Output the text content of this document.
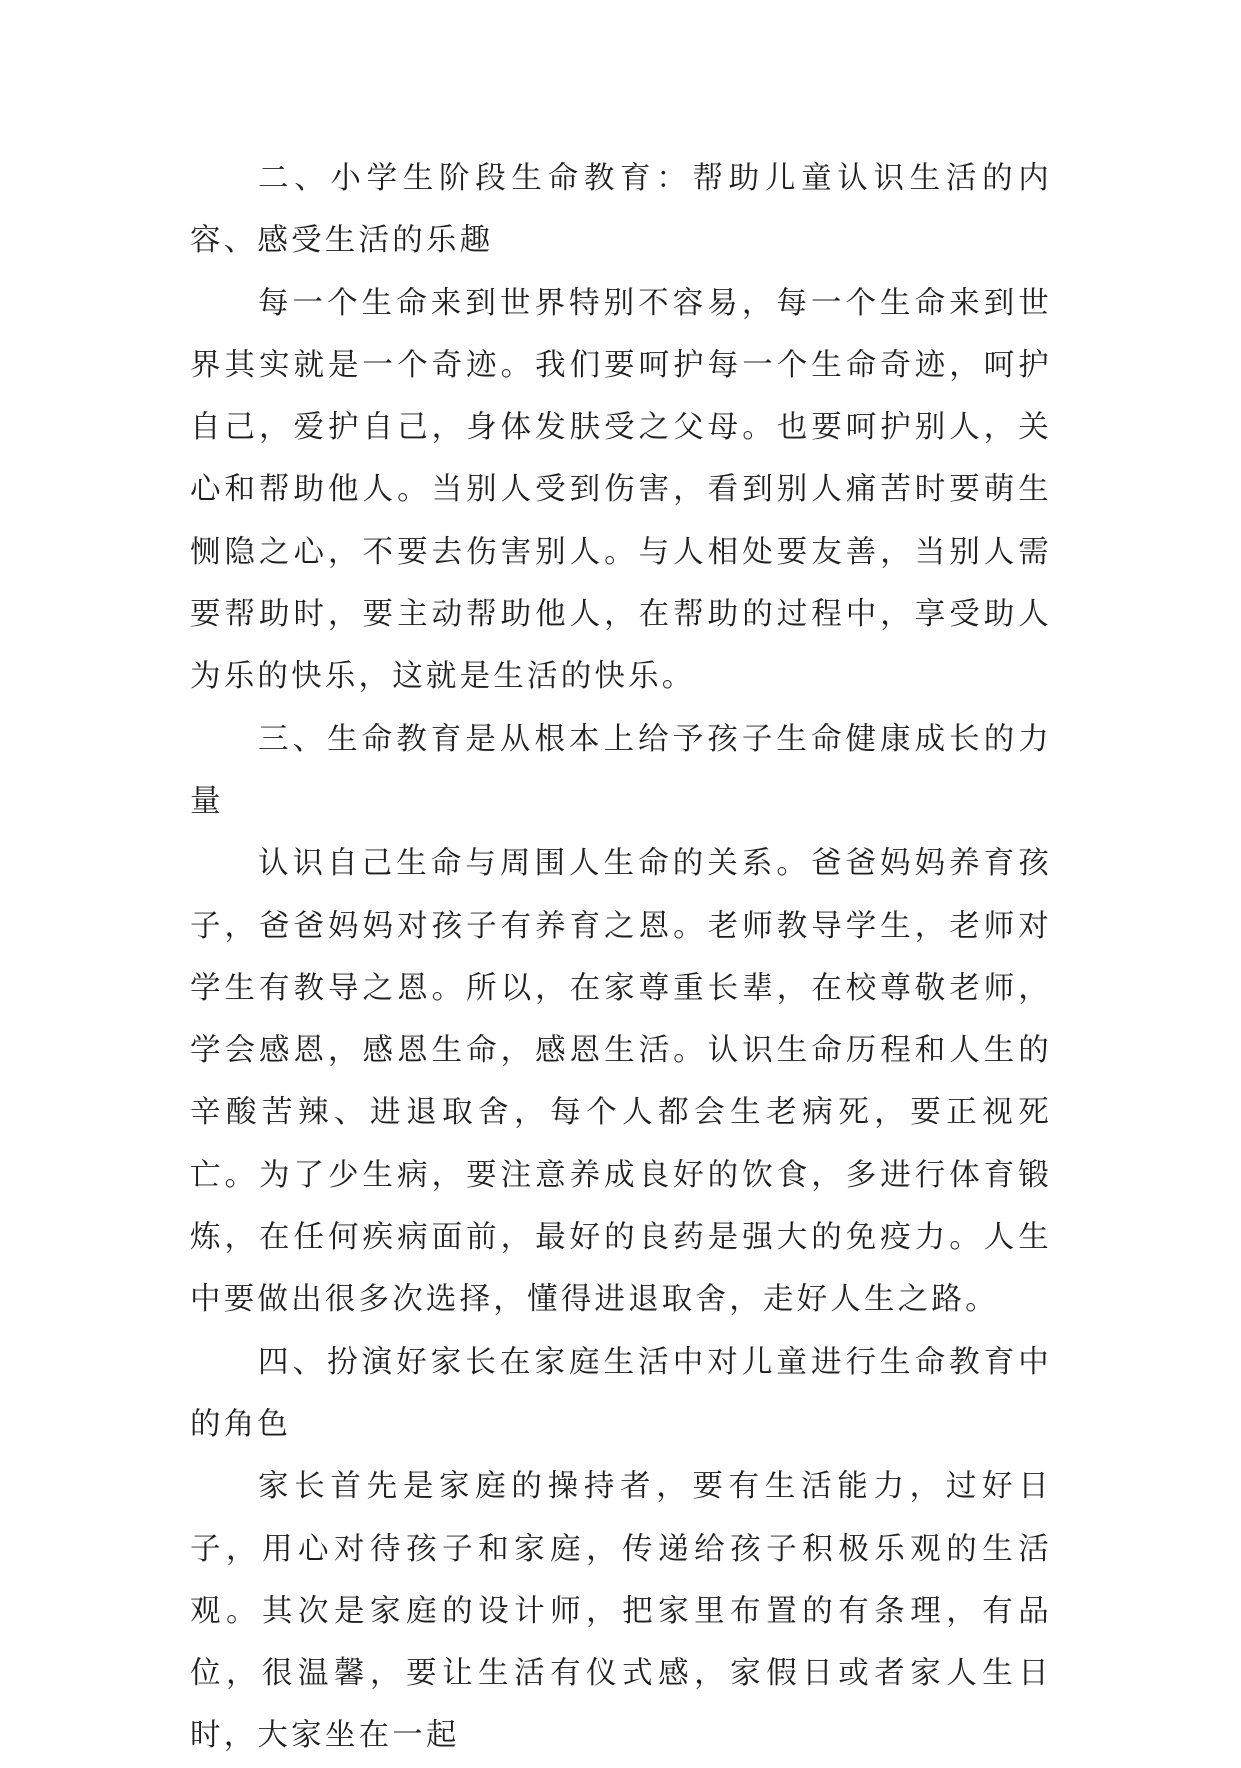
二、小学生阶段生命教育：帮助儿童认识生活的内容、感受生活的乐趣

每一个生命来到世界特别不容易，每一个生命来到世界其实就是一个奇迹。我们要呵护每一个生命奇迹，呵护自己，爱护自己，身体发肤受之父母。也要呵护别人，关心和帮助他人。当别人受到伤害，看到别人痛苦时要萌生恻隐之心，不要去伤害别人。与人相处要友善，当别人需要帮助时，要主动帮助他人，在帮助的过程中，享受助人为乐的快乐，这就是生活的快乐。

三、生命教育是从根本上给予孩子生命健康成长的力量

认识自己生命与周围人生命的关系。爸爸妈妈养育孩子，爸爸妈妈对孩子有养育之恩。老师教导学生，老师对学生有教导之恩。所以，在家尊重长辈，在校尊敬老师，学会感恩，感恩生命，感恩生活。认识生命历程和人生的辛酸苦辣、进退取舍，每个人都会生老病死，要正视死亡。为了少生病，要注意养成良好的饮食，多进行体育锻炼，在任何疾病面前，最好的良药是强大的免疫力。人生中要做出很多次选择，懂得进退取舍，走好人生之路。

四、扮演好家长在家庭生活中对儿童进行生命教育中的角色

家长首先是家庭的操持者，要有生活能力，过好日子，用心对待孩子和家庭，传递给孩子积极乐观的生活观。其次是家庭的设计师，把家里布置的有条理，有品位，很温馨，要让生活有仪式感，家假日或者家人生日时，大家坐在一起
